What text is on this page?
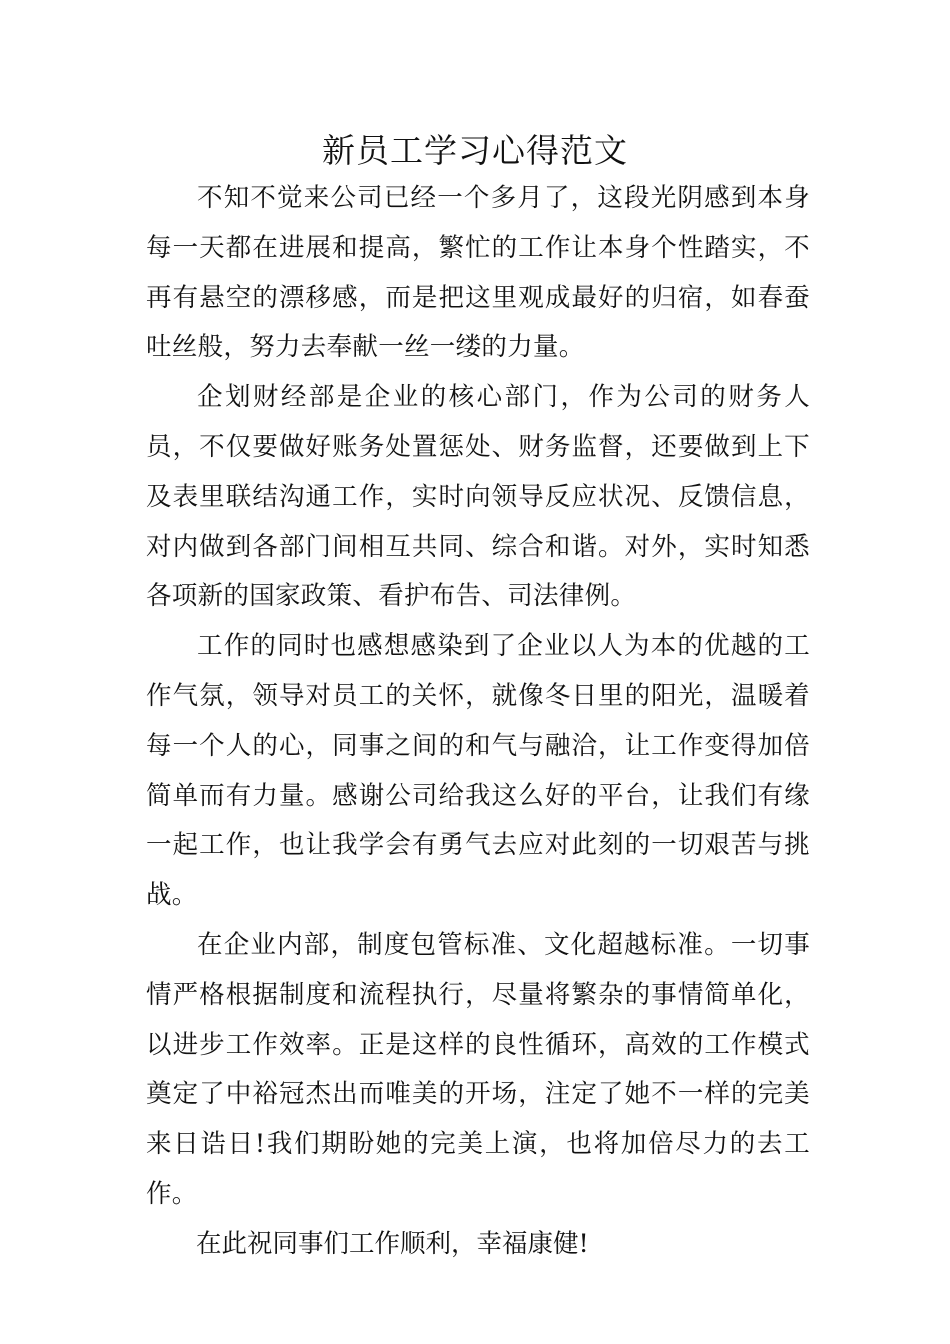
新员工学习心得范文

不知不觉来公司已经一个多月了，这段光阴感到本身每一天都在进展和提高，繁忙的工作让本身个性踏实，不再有悬空的漂移感，而是把这里观成最好的归宿，如春蚕吐丝般，努力去奉献一丝一缕的力量。

企划财经部是企业的核心部门，作为公司的财务人员，不仅要做好账务处置惩处、财务监督，还要做到上下及表里联结沟通工作，实时向领导反应状况、反馈信息，对内做到各部门间相互共同、综合和谐。对外，实时知悉各项新的国家政策、看护布告、司法律例。

工作的同时也感想感染到了企业以人为本的优越的工作气氛，领导对员工的关怀，就像冬日里的阳光，温暖着每一个人的心，同事之间的和气与融洽，让工作变得加倍简单而有力量。感谢公司给我这么好的平台，让我们有缘一起工作，也让我学会有勇气去应对此刻的一切艰苦与挑战。

在企业内部，制度包管标准、文化超越标准。一切事情严格根据制度和流程执行，尽量将繁杂的事情简单化，以进步工作效率。正是这样的良性循环，高效的工作模式奠定了中裕冠杰出而唯美的开场，注定了她不一样的完美来日诰日!我们期盼她的完美上演，也将加倍尽力的去工作。

在此祝同事们工作顺利，幸福康健!
